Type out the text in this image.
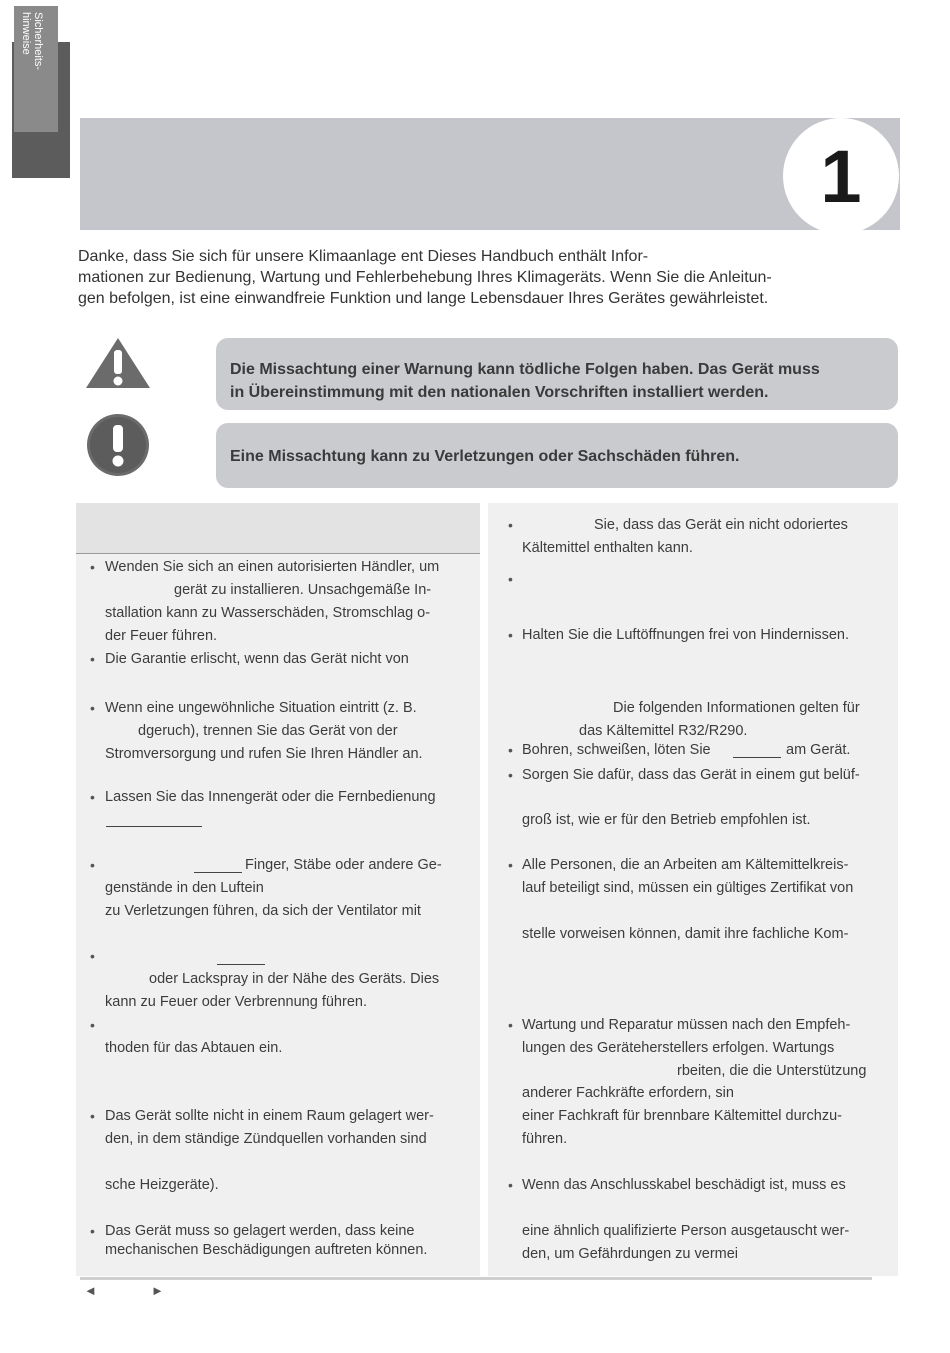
Sicherheits-
hinweise
1
Danke, dass Sie sich für unsere Klimaanlage ent Dieses Handbuch enthält Infor-
mationen zur Bedienung, Wartung und Fehlerbehebung Ihres Klimageräts. Wenn Sie die Anleitun-
gen befolgen, ist eine einwandfreie Funktion und lange Lebensdauer Ihres Gerätes gewährleistet.
Die Missachtung einer Warnung kann tödliche Folgen haben. Das Gerät muss
in Übereinstimmung mit den nationalen Vorschriften installiert werden.
Eine Missachtung kann zu Verletzungen oder Sachschäden führen.
•
•
•
•
•
•
•
•
•
Wenden Sie sich an einen autorisierten Händler, um
gerät zu installieren. Unsachgemäße In-
stallation kann zu Wasserschäden, Stromschlag o-
der Feuer führen.
Die Garantie erlischt, wenn das Gerät nicht von
Wenn eine ungewöhnliche Situation eintritt (z. B.
dgeruch), trennen Sie das Gerät von der
Stromversorgung und rufen Sie Ihren Händler an.
Lassen Sie das Innengerät oder die Fernbedienung
Finger, Stäbe oder andere Ge-
genstände in den Luftein
zu Verletzungen führen, da sich der Ventilator mit
oder Lackspray in der Nähe des Geräts. Dies
kann zu Feuer oder Verbrennung führen.
thoden für das Abtauen ein.
Das Gerät sollte nicht in einem Raum gelagert wer-
den, in dem ständige Zündquellen vorhanden sind
sche Heizgeräte).
Das Gerät muss so gelagert werden, dass keine
mechanischen Beschädigungen auftreten können.
•
•
•
•
•
•
•
•
Sie, dass das Gerät ein nicht odoriertes
Kältemittel enthalten kann.
Halten Sie die Luftöffnungen frei von Hindernissen.
Die folgenden Informationen gelten für
das Kältemittel R32/R290.
Bohren, schweißen, löten Sie	am Gerät.
Sorgen Sie dafür, dass das Gerät in einem gut belüf-
groß ist, wie er für den Betrieb empfohlen ist.
Alle Personen, die an Arbeiten am Kältemittelkreis-
lauf beteiligt sind, müssen ein gültiges Zertifikat von
stelle vorweisen können, damit ihre fachliche Kom-
Wartung und Reparatur müssen nach den Empfeh-
lungen des Geräteherstellers erfolgen. Wartungs
rbeiten, die die Unterstützung
anderer Fachkräfte erfordern, sin
einer Fachkraft für brennbare Kältemittel durchzu-
führen.
Wenn das Anschlusskabel beschädigt ist, muss es
eine ähnlich qualifizierte Person ausgetauscht wer-
den, um Gefährdungen zu vermei
◄	►
